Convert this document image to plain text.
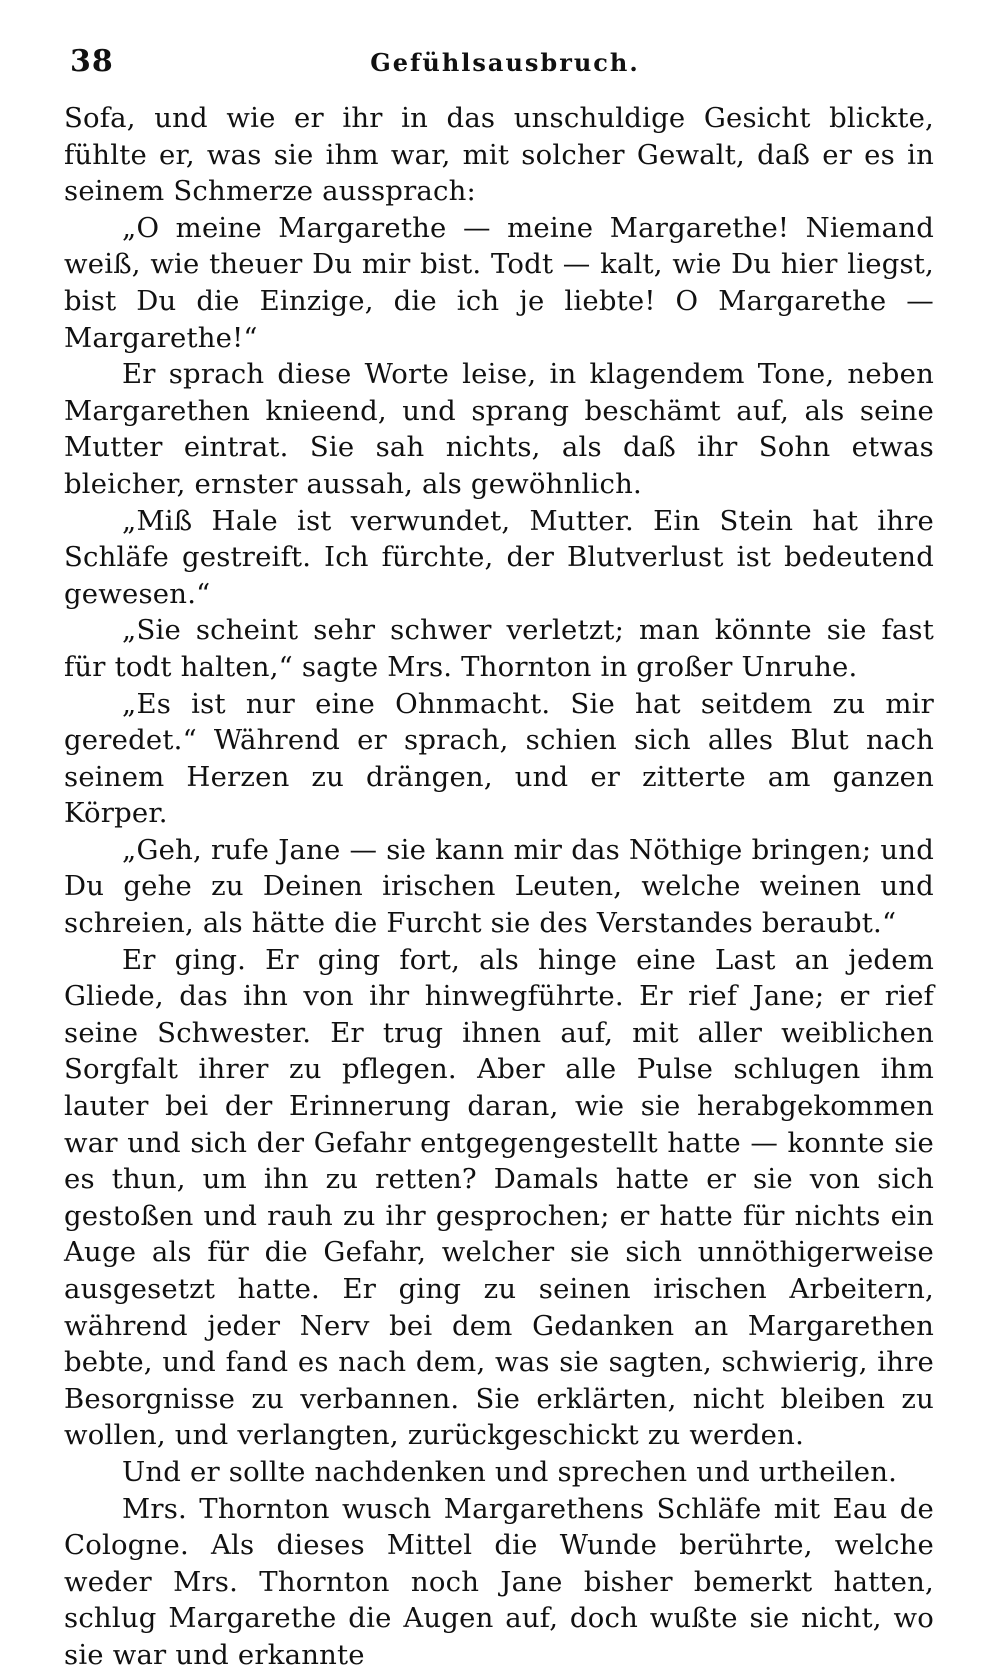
38	Gefühlsausbruch.

Sofa, und wie er ihr in das unschuldige Gesicht blickte, fühlte er, was sie ihm war, mit solcher Gewalt, daß er es in seinem Schmerze aussprach:

„O meine Margarethe — meine Margarethe! Niemand weiß, wie theuer Du mir bist. Todt — kalt, wie Du hier liegst, bist Du die Einzige, die ich je liebte! O Margarethe — Margarethe!“

Er sprach diese Worte leise, in klagendem Tone, neben Margarethen knieend, und sprang beschämt auf, als seine Mutter eintrat. Sie sah nichts, als daß ihr Sohn etwas bleicher, ernster aussah, als gewöhnlich.

„Miß Hale ist verwundet, Mutter. Ein Stein hat ihre Schläfe gestreift. Ich fürchte, der Blutverlust ist bedeutend gewesen.“

„Sie scheint sehr schwer verletzt; man könnte sie fast für todt halten,“ sagte Mrs. Thornton in großer Unruhe.

„Es ist nur eine Ohnmacht. Sie hat seitdem zu mir geredet.“ Während er sprach, schien sich alles Blut nach seinem Herzen zu drängen, und er zitterte am ganzen Körper.

„Geh, rufe Jane — sie kann mir das Nöthige bringen; und Du gehe zu Deinen irischen Leuten, welche weinen und schreien, als hätte die Furcht sie des Verstandes beraubt.“

Er ging. Er ging fort, als hinge eine Last an jedem Gliede, das ihn von ihr hinwegführte. Er rief Jane; er rief seine Schwester. Er trug ihnen auf, mit aller weiblichen Sorgfalt ihrer zu pflegen. Aber alle Pulse schlugen ihm lauter bei der Erinnerung daran, wie sie herabgekommen war und sich der Gefahr entgegengestellt hatte — konnte sie es thun, um ihn zu retten? Damals hatte er sie von sich gestoßen und rauh zu ihr gesprochen; er hatte für nichts ein Auge als für die Gefahr, welcher sie sich unnöthigerweise ausgesetzt hatte. Er ging zu seinen irischen Arbeitern, während jeder Nerv bei dem Gedanken an Margarethen bebte, und fand es nach dem, was sie sagten, schwierig, ihre Besorgnisse zu verbannen. Sie erklärten, nicht bleiben zu wollen, und verlangten, zurückgeschickt zu werden.

Und er sollte nachdenken und sprechen und urtheilen.

Mrs. Thornton wusch Margarethens Schläfe mit Eau de Cologne. Als dieses Mittel die Wunde berührte, welche weder Mrs. Thornton noch Jane bisher bemerkt hatten, schlug Margarethe die Augen auf, doch wußte sie nicht, wo sie war und erkannte
